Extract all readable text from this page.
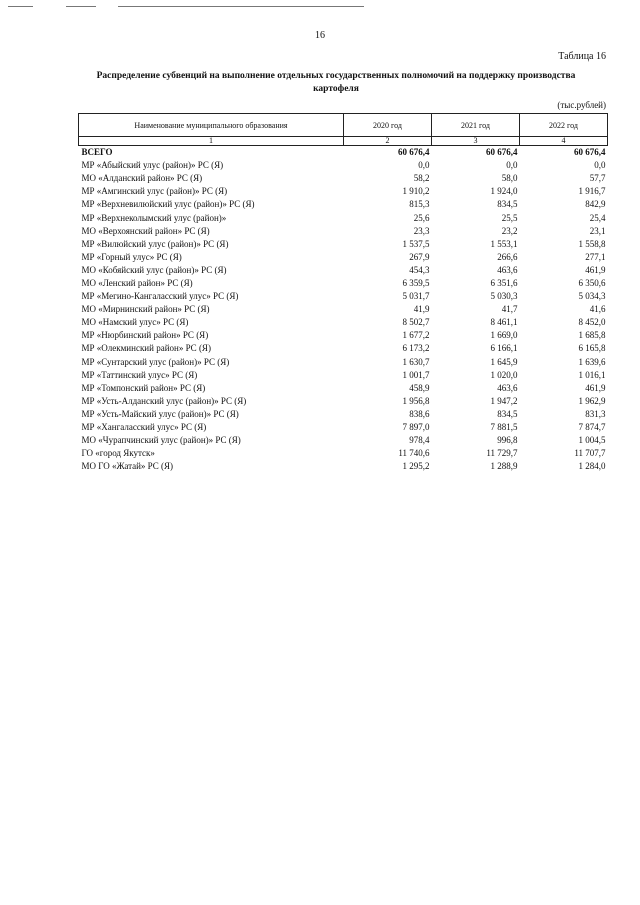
16
Таблица 16
Распределение субвенций на выполнение отдельных государственных полномочий на поддержку производства картофеля
(тыс.рублей)
Наименование муниципального образования	2020 год	2021 год	2022 год
1	2	3	4
ВСЕГО	60 676,4	60 676,4	60 676,4
МР «Абыйский улус (район)» РС (Я)	0,0	0,0	0,0
МО «Алданский район» РС (Я)	58,2	58,0	57,7
МР «Амгинский улус (район)» РС (Я)	1 910,2	1 924,0	1 916,7
МР «Верхневилюйский улус (район)» РС (Я)	815,3	834,5	842,9
МР «Верхнеколымский улус (район)»	25,6	25,5	25,4
МО «Верхоянский район» РС (Я)	23,3	23,2	23,1
МР «Вилюйский улус (район)» РС (Я)	1 537,5	1 553,1	1 558,8
МР «Горный улус» РС (Я)	267,9	266,6	277,1
МО «Кобяйский улус (район)» РС (Я)	454,3	463,6	461,9
МО «Ленский район» РС (Я)	6 359,5	6 351,6	6 350,6
МР «Мегино-Кангаласский улус» РС (Я)	5 031,7	5 030,3	5 034,3
МО «Мирнинский район» РС (Я)	41,9	41,7	41,6
МО «Намский улус» РС (Я)	8 502,7	8 461,1	8 452,0
МР «Нюрбинский район» РС (Я)	1 677,2	1 669,0	1 685,8
МР «Олекминский район» РС (Я)	6 173,2	6 166,1	6 165,8
МР «Сунтарский улус (район)» РС (Я)	1 630,7	1 645,9	1 639,6
МР «Таттинский улус» РС (Я)	1 001,7	1 020,0	1 016,1
МР «Томпонский район» РС (Я)	458,9	463,6	461,9
МР «Усть-Алданский улус (район)» РС (Я)	1 956,8	1 947,2	1 962,9
МР «Усть-Майский улус (район)» РС (Я)	838,6	834,5	831,3
МР «Хангаласский улус» РС (Я)	7 897,0	7 881,5	7 874,7
МО «Чурапчинский улус (район)» РС (Я)	978,4	996,8	1 004,5
ГО «город Якутск»	11 740,6	11 729,7	11 707,7
МО ГО «Жатай» РС (Я)	1 295,2	1 288,9	1 284,0
